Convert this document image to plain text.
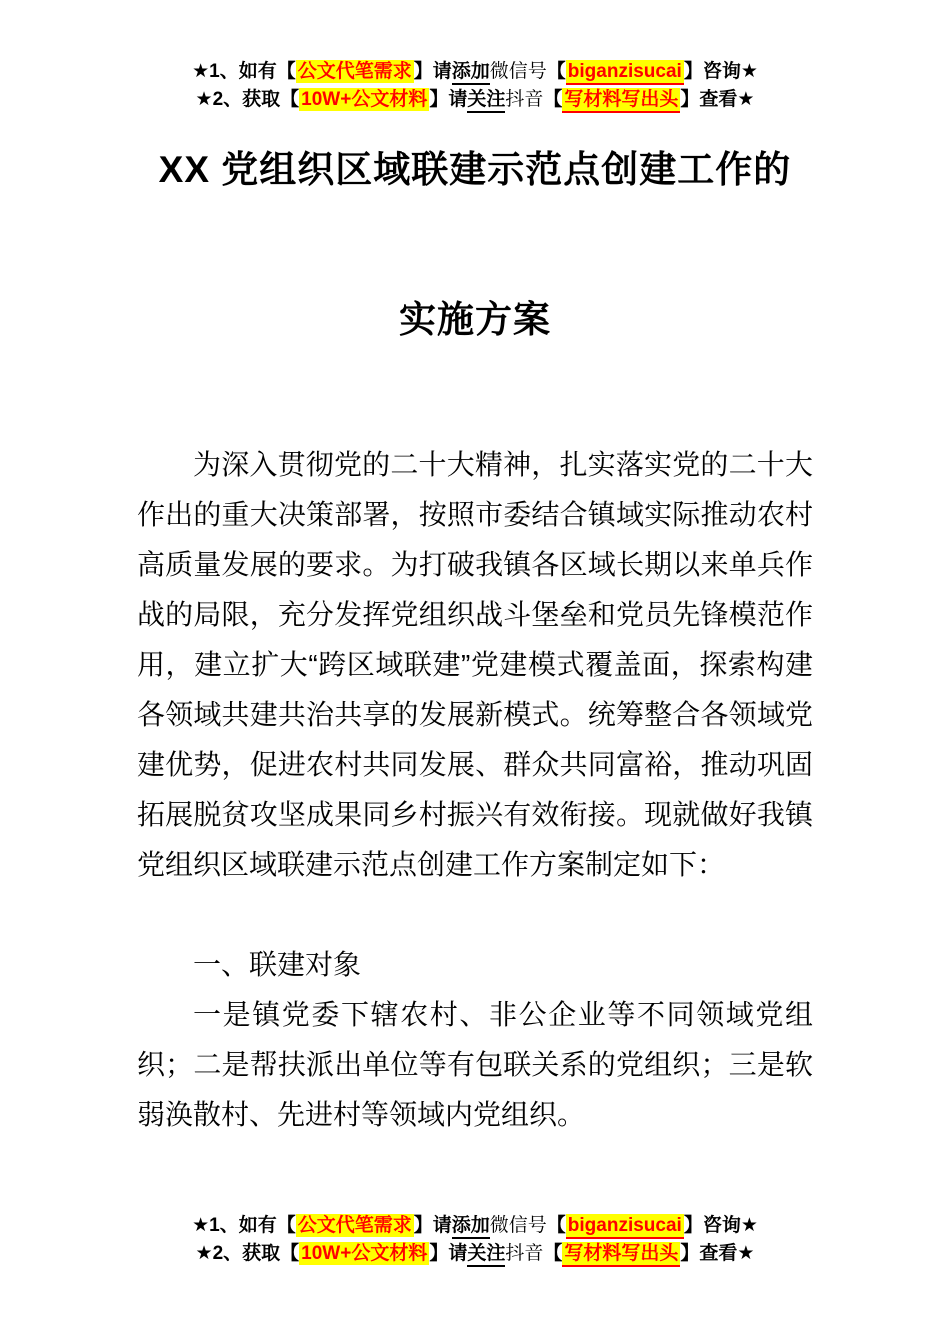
★1、如有【 公文代笔需求 】请添加微信号【 biganzisucai 】咨询★
★2、获取【 10W+公文材料 】请关注抖音【 写材料写出头 】查看★
XX 党组织区域联建示范点创建工作的
实施方案

为深入贯彻党的二十大精神，扎实落实党的二十大作出的重大决策部署，按照市委结合镇域实际推动农村高质量发展的要求。为打破我镇各区域长期以来单兵作战的局限，充分发挥党组织战斗堡垒和党员先锋模范作用，建立扩大“跨区域联建”党建模式覆盖面，探索构建各领域共建共治共享的发展新模式。统筹整合各领域党建优势，促进农村共同发展、群众共同富裕，推动巩固拓展脱贫攻坚成果同乡村振兴有效衔接。现就做好我镇党组织区域联建示范点创建工作方案制定如下：

一、联建对象

一是镇党委下辖农村、非公企业等不同领域党组织；二是帮扶派出单位等有包联关系的党组织；三是软弱涣散村、先进村等领域内党组织。

★1、如有【 公文代笔需求 】请添加微信号【 biganzisucai 】咨询★
★2、获取【 10W+公文材料 】请关注抖音【 写材料写出头 】查看★
